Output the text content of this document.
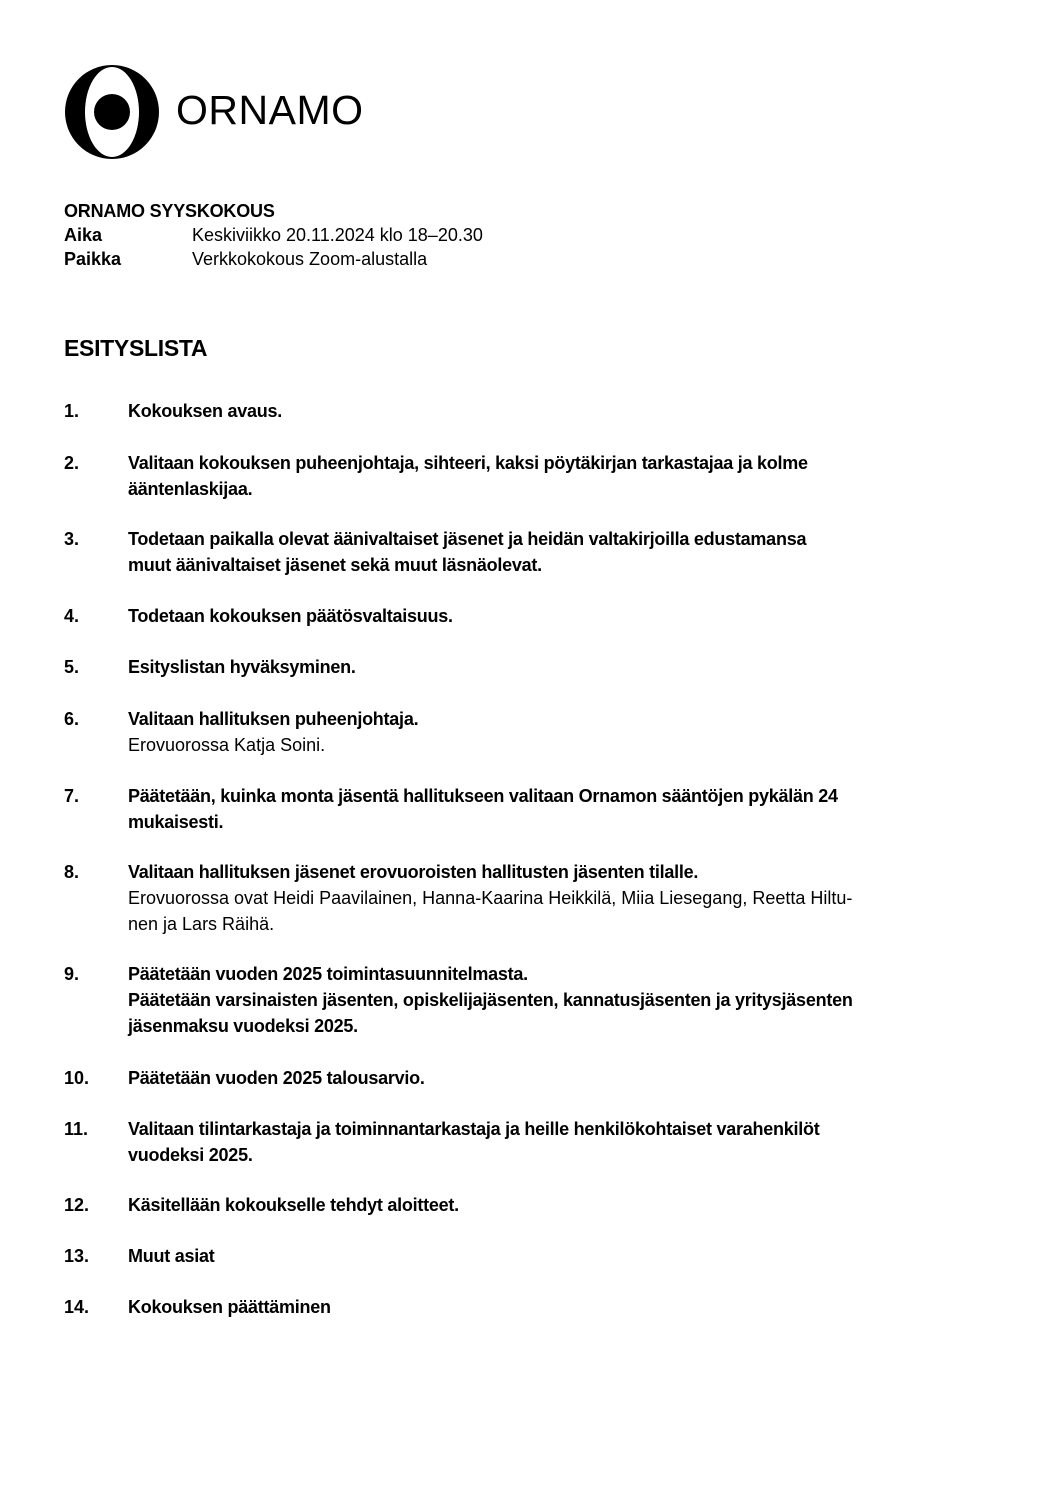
ORNAMO
ORNAMO SYYSKOKOUS
Aika	Keskiviikko 20.11.2024 klo 18–20.30
Paikka	Verkkokokous Zoom-alustalla
ESITYSLISTA
1.	Kokouksen avaus.
2.	Valitaan kokouksen puheenjohtaja, sihteeri, kaksi pöytäkirjan tarkastajaa ja kolme
ääntenlaskijaa.
3.	Todetaan paikalla olevat äänivaltaiset jäsenet ja heidän valtakirjoilla edustamansa
muut äänivaltaiset jäsenet sekä muut läsnäolevat.
4.	Todetaan kokouksen päätösvaltaisuus.
5.	Esityslistan hyväksyminen.
6.	Valitaan hallituksen puheenjohtaja.
Erovuorossa Katja Soini.
7.	Päätetään, kuinka monta jäsentä hallitukseen valitaan Ornamon sääntöjen pykälän 24
mukaisesti.
8.	Valitaan hallituksen jäsenet erovuoroisten hallitusten jäsenten tilalle.
Erovuorossa ovat Heidi Paavilainen, Hanna-Kaarina Heikkilä, Miia Liesegang, Reetta Hiltu-
nen ja Lars Räihä.
9.	Päätetään vuoden 2025 toimintasuunnitelmasta.
Päätetään varsinaisten jäsenten, opiskelijajäsenten, kannatusjäsenten ja yritysjäsenten
jäsenmaksu vuodeksi 2025.
10. Päätetään vuoden 2025 talousarvio.
11. Valitaan tilintarkastaja ja toiminnantarkastaja ja heille henkilökohtaiset varahenkilöt
vuodeksi 2025.
12. Käsitellään kokoukselle tehdyt aloitteet.
13. Muut asiat
14. Kokouksen päättäminen
